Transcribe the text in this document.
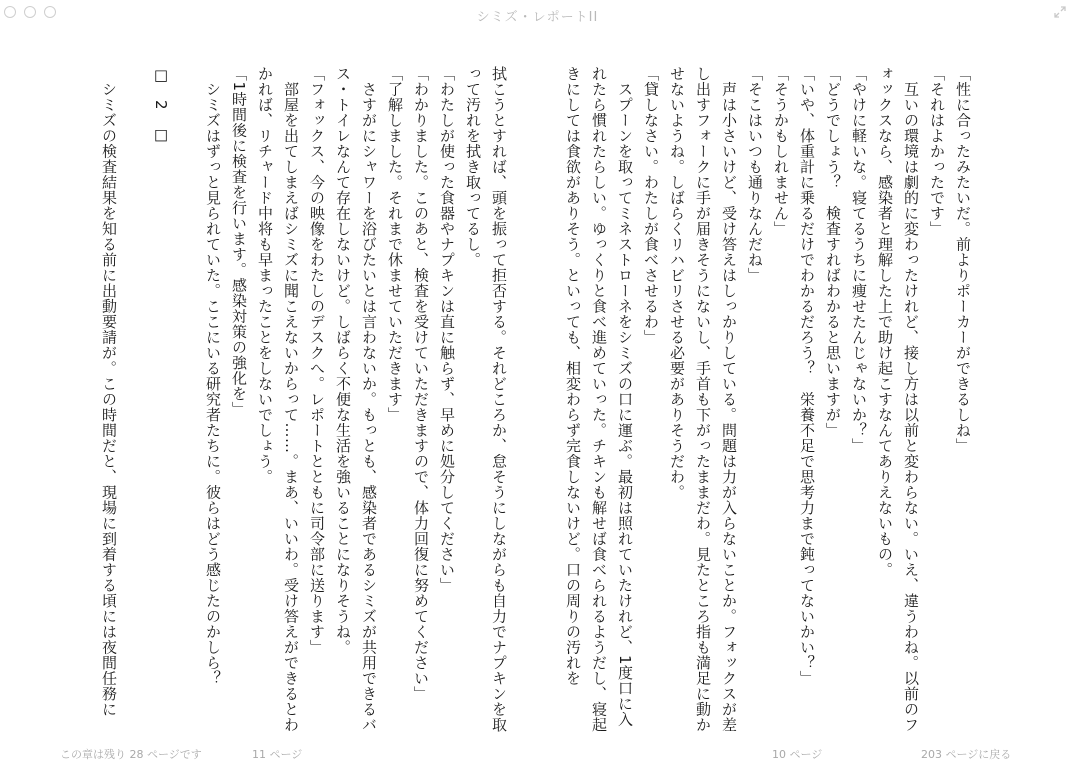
シミズ・レポートII

「性に合ったみたいだ。前よりポーカーができるしね」

「それはよかったです」

　互いの環境は劇的に変わったけれど、接し方は以前と変わらない。いえ、違うわね。以前のフォックスなら、感染者と理解した上で助け起こすなんてありえないもの。

「やけに軽いな。寝てるうちに痩せたんじゃないか？」

「どうでしょう？　検査すればわかると思いますが」

「いや、体重計に乗るだけでわかるだろう？　栄養不足で思考力まで鈍ってないかい？」

「そうかもしれません」

「そこはいつも通りなんだね」

　声は小さいけど、受け答えはしっかりしている。問題は力が入らないことか。フォックスが差し出すフォークに手が届きそうにないし、手首も下がったままだわ。見たところ指も満足に動かせないようね。しばらくリハビリさせる必要がありそうだわ。

「貸しなさい。わたしが食べさせるわ」

　スプーンを取ってミネストローネをシミズの口に運ぶ。最初は照れていたけれど、1度口に入れたら慣れたらしい。ゆっくりと食べ進めていった。チキンも解せば食べられるようだし、寝起きにしては食欲がありそう。といっても、相変わらず完食しないけど。口の周りの汚れを

拭こうとすれば、頭を振って拒否する。それどころか、怠そうにしながらも自力でナプキンを取って汚れを拭き取ってるし。

「わたしが使った食器やナプキンは直に触らず、早めに処分してください」

「わかりました。このあと、検査を受けていただきますので、体力回復に努めてください」

「了解しました。それまで休ませていただきます」

　さすがにシャワーを浴びたいとは言わないか。もっとも、感染者であるシミズが共用できるバス・トイレなんて存在しないけど。しばらく不便な生活を強いることになりそうね。

「フォックス、今の映像をわたしのデスクへ。レポートとともに司令部に送ります」

　部屋を出てしまえばシミズに聞こえないからって……。まあ、いいわ。受け答えができるとわかれば、リチャード中将も早まったことをしないでしょう。

「1時間後に検査を行います。感染対策の強化を」

　シミズはずっと見られていた。ここにいる研究者たちに。彼らはどう感じたのかしら？

□　2　□

　シミズの検査結果を知る前に出動要請が。この時間だと、現場に到着する頃には夜間任務に

この章は残り 28 ページです	11 ページ	10 ページ	203 ページに戻る
